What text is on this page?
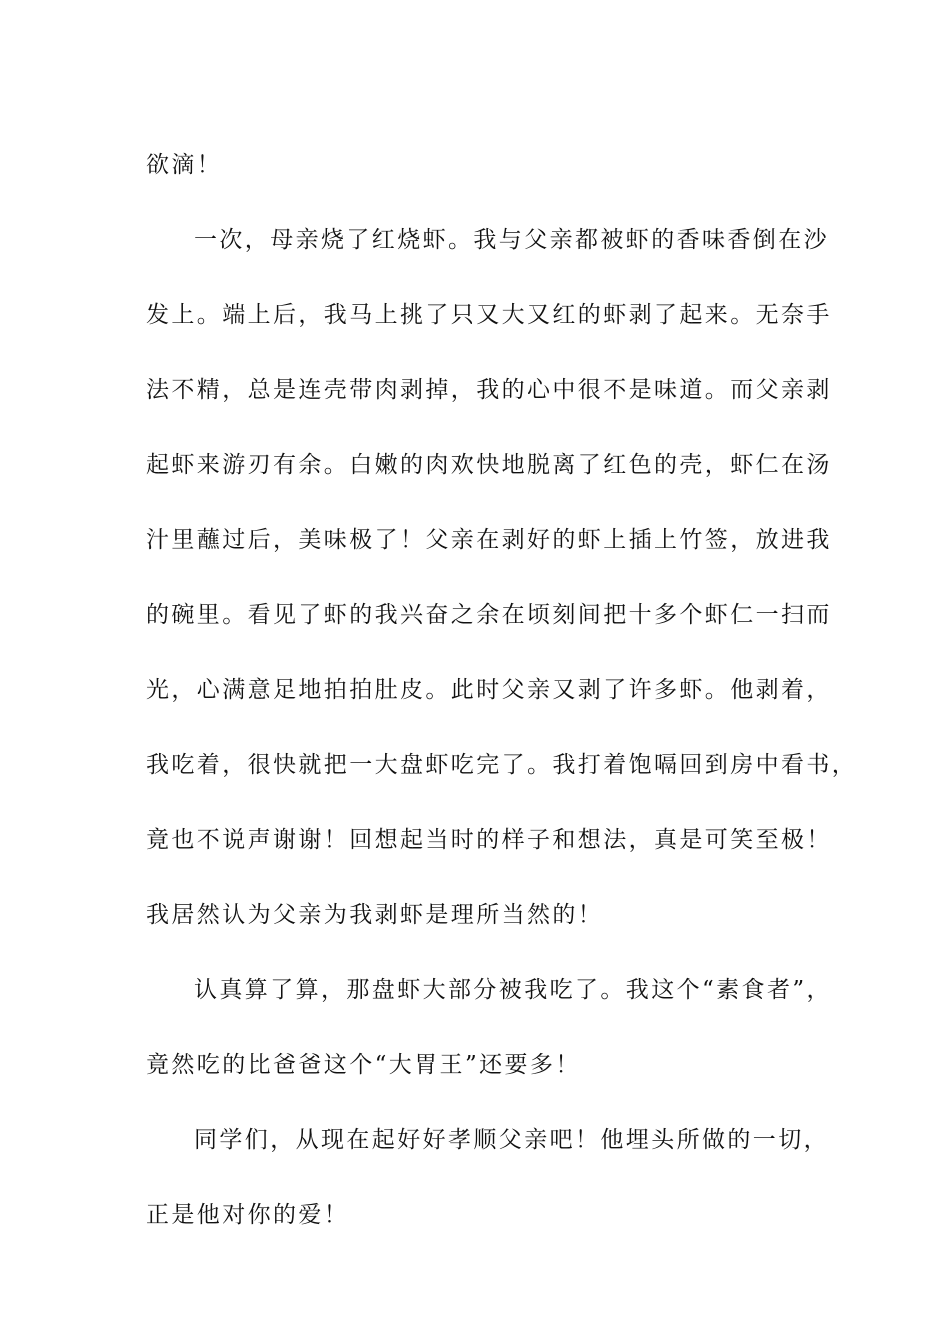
欲滴！
一次，母亲烧了红烧虾。我与父亲都被虾的香味香倒在沙
发上。端上后，我马上挑了只又大又红的虾剥了起来。无奈手
法不精，总是连壳带肉剥掉，我的心中很不是味道。而父亲剥
起虾来游刃有余。白嫩的肉欢快地脱离了红色的壳，虾仁在汤
汁里蘸过后，美味极了！父亲在剥好的虾上插上竹签，放进我
的碗里。看见了虾的我兴奋之余在顷刻间把十多个虾仁一扫而
光，心满意足地拍拍肚皮。此时父亲又剥了许多虾。他剥着，
我吃着，很快就把一大盘虾吃完了。我打着饱嗝回到房中看书，
竟也不说声谢谢！回想起当时的样子和想法，真是可笑至极！
我居然认为父亲为我剥虾是理所当然的！
认真算了算，那盘虾大部分被我吃了。我这个“素食者”，
竟然吃的比爸爸这个“大胃王”还要多！
同学们，从现在起好好孝顺父亲吧！他埋头所做的一切，
正是他对你的爱！
